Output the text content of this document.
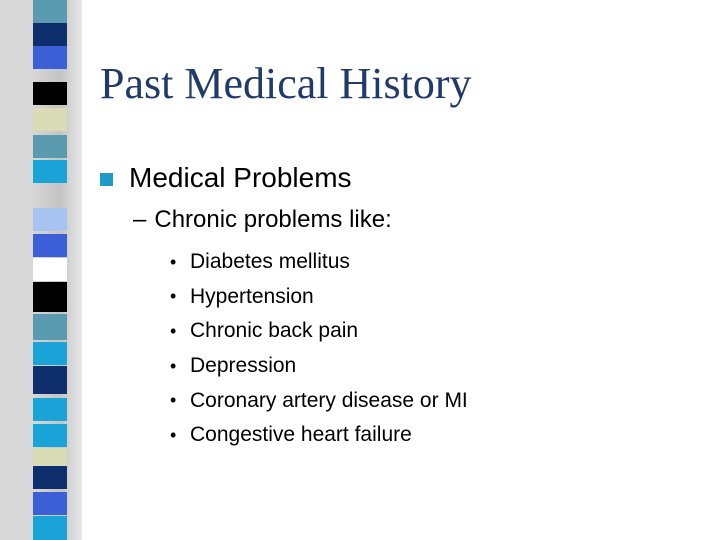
Past Medical History
Medical Problems
– Chronic problems like:
• Diabetes mellitus
• Hypertension
• Chronic back pain
• Depression
• Coronary artery disease or MI
• Congestive heart failure
